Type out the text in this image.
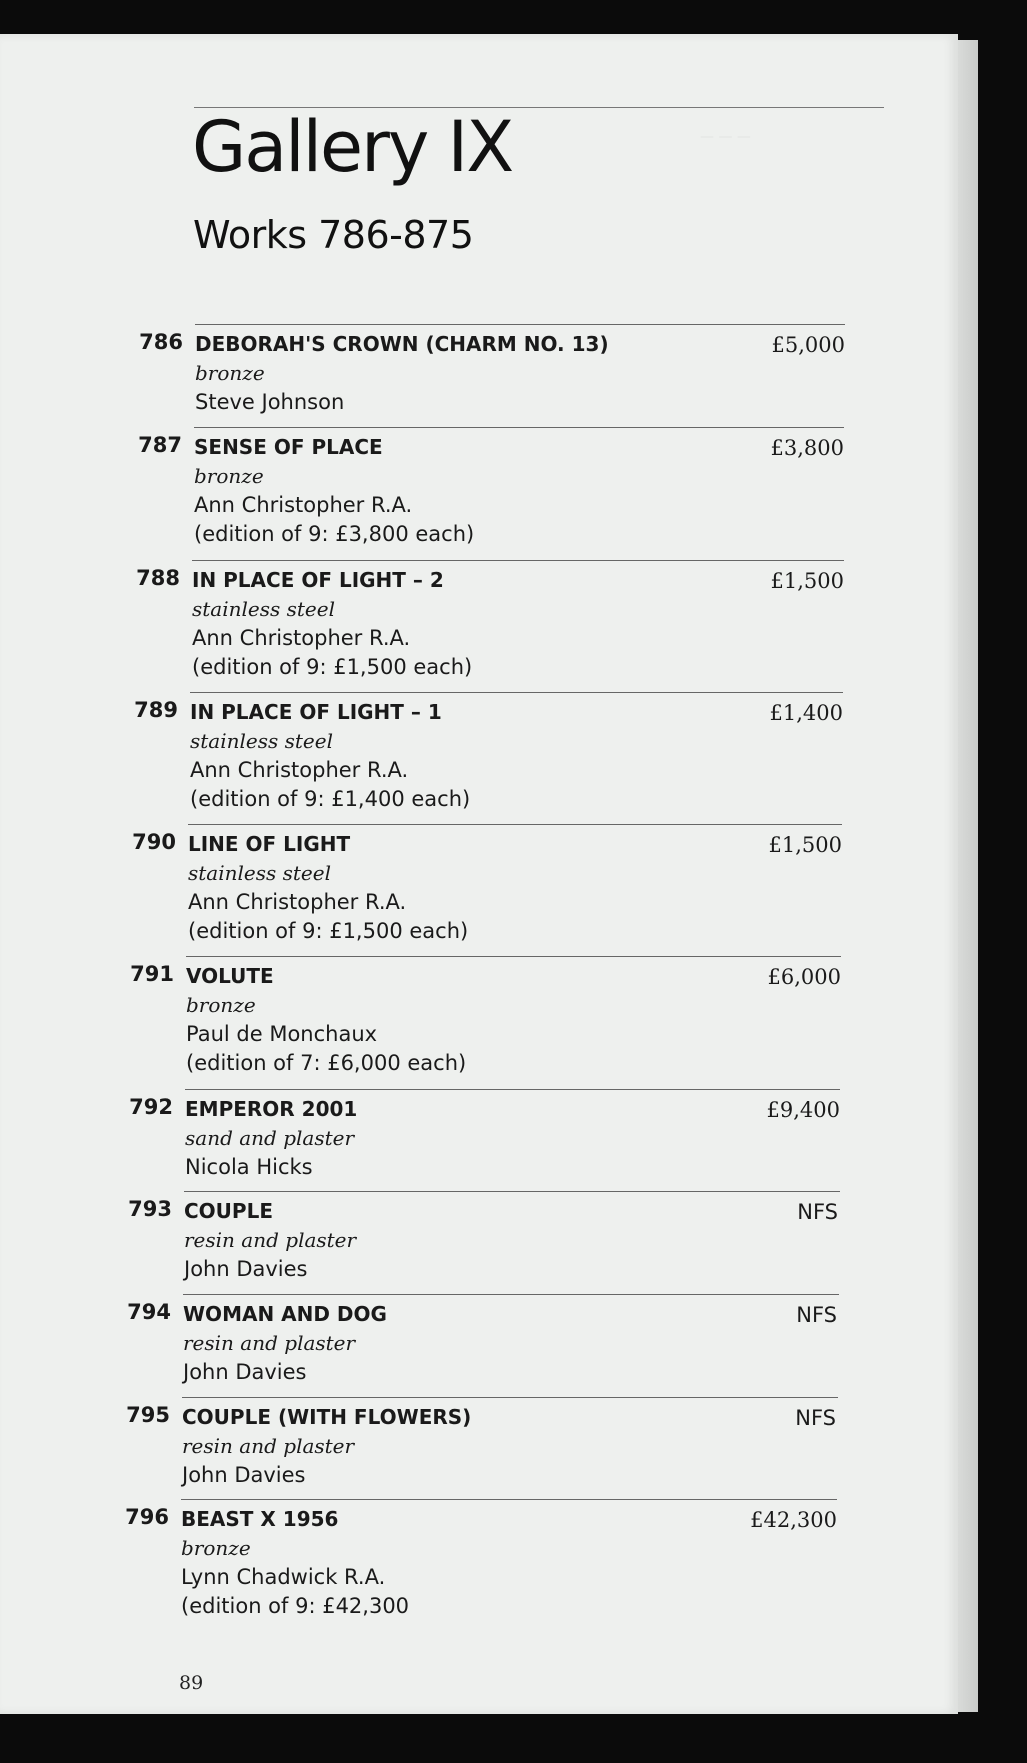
— — —
Gallery IX
Works 786-875
786 DEBORAH'S CROWN (CHARM NO. 13)
bronze
Steve Johnson
£5,000
787 SENSE OF PLACE
bronze
Ann Christopher R.A.
(edition of 9: £3,800 each)
£3,800
788 IN PLACE OF LIGHT – 2
stainless steel
Ann Christopher R.A.
(edition of 9: £1,500 each)
£1,500
789 IN PLACE OF LIGHT – 1
stainless steel
Ann Christopher R.A.
(edition of 9: £1,400 each)
£1,400
790 LINE OF LIGHT
stainless steel
Ann Christopher R.A.
(edition of 9: £1,500 each)
£1,500
791 VOLUTE
bronze
Paul de Monchaux
(edition of 7: £6,000 each)
£6,000
792 EMPEROR 2001
sand and plaster
Nicola Hicks
£9,400
793 COUPLE
resin and plaster
John Davies
NFS
794 WOMAN AND DOG
resin and plaster
John Davies
NFS
795 COUPLE (WITH FLOWERS)
resin and plaster
John Davies
NFS
796 BEAST X 1956
bronze
Lynn Chadwick R.A.
(edition of 9: £42,300
£42,300
89
